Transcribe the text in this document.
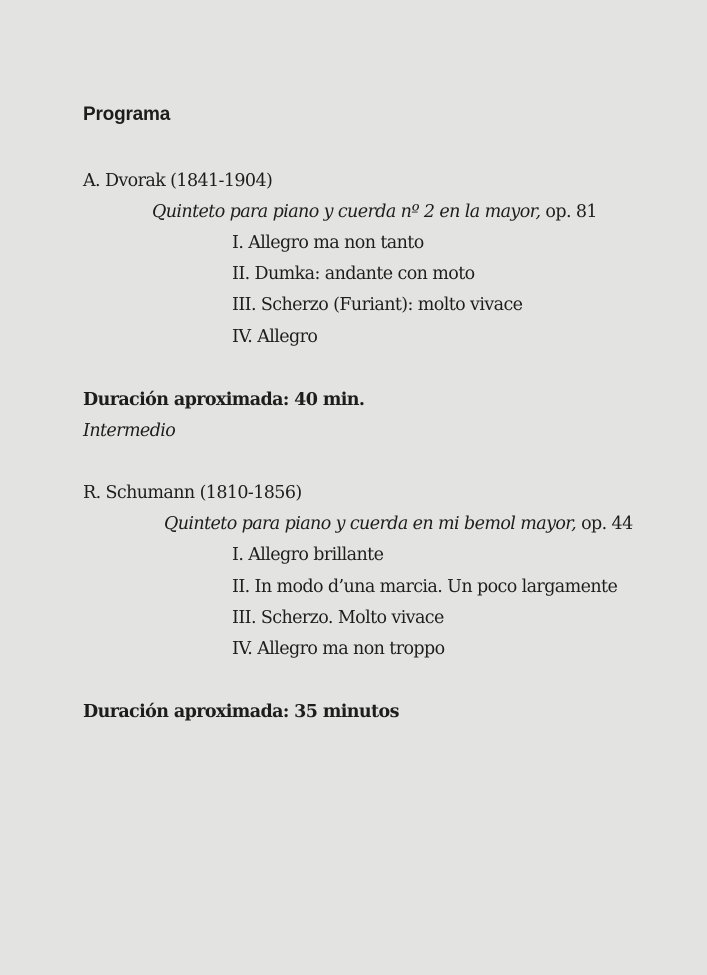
Programa

A. Dvorak (1841-1904)

Quinteto para piano y cuerda nº 2 en la mayor, op. 81

I. Allegro ma non tanto

II. Dumka: andante con moto

III. Scherzo (Furiant): molto vivace

IV. Allegro

Duración aproximada: 40 min.

Intermedio

R. Schumann (1810-1856)

Quinteto para piano y cuerda en mi bemol mayor, op. 44

I. Allegro brillante

II. In modo d’una marcia. Un poco largamente

III. Scherzo. Molto vivace

IV. Allegro ma non troppo

Duración aproximada: 35 minutos
